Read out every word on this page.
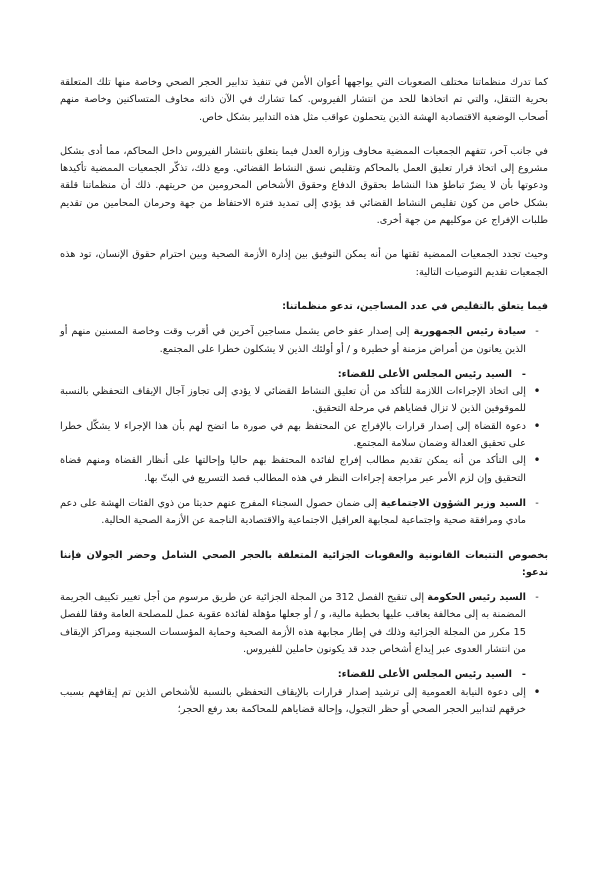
كما تدرك منظماتنا مختلف الصعوبات التي يواجهها أعوان الأمن في تنفيذ تدابير الحجر الصحي وخاصة منها تلك المتعلقة بحرية التنقل، والتي تم اتخاذها للحد من انتشار الفيروس. كما تشارك في الآن ذاته مخاوف المتساكنين وخاصة منهم أصحاب الوضعية الاقتصادية الهشة الذين يتحملون عواقب مثل هذه التدابير بشكل خاص.

في جانب آخر، تتفهم الجمعيات الممضية مخاوف وزارة العدل فيما يتعلق بانتشار الفيروس داخل المحاكم، مما أدى بشكل مشروع إلى اتخاذ قرار تعليق العمل بالمحاكم وتقليص نسق النشاط القضائي. ومع ذلك، تذكّر الجمعيات الممضية تأكيدها ودعوتها بأن لا يضرّ تباطؤ هذا النشاط بحقوق الدفاع وحقوق الأشخاص المحرومين من حريتهم. ذلك أن منظماتنا قلقة بشكل خاص من كون تقليص النشاط القضائي قد يؤدي إلى تمديد فترة الاحتفاظ من جهة وحرمان المحامين من تقديم طلبات الإفراج عن موكليهم من جهة أخرى.

وحيث تجدد الجمعيات الممضية ثقتها من أنه يمكن التوفيق بين إدارة الأزمة الصحية وبين احترام حقوق الإنسان، تود هذه الجمعيات تقديم التوصيات التالية:

فيما يتعلق بالتقليص في عدد المساجين، تدعو منظماتنا:

-
سيادة رئيس الجمهورية إلى إصدار عفو خاص يشمل مساجين آخرين في أقرب وقت وخاصة المسنين منهم أو الذين يعانون من أمراض مزمنة أو خطيرة و / أو أولئك الذين لا يشكلون خطرا على المجتمع.
-السيد رئيس المجلس الأعلى للقضاء:
•
إلى اتخاذ الإجراءات اللازمة للتأكد من أن تعليق النشاط القضائي لا يؤدي إلى تجاوز آجال الإيقاف التحفظي بالنسبة للموقوفين الذين لا تزال قضاياهم في مرحلة التحقيق.
•
دعوة القضاة إلى إصدار قرارات بالإفراج عن المحتفظ بهم في صورة ما اتضح لهم بأن هذا الإجراء لا يشكّل خطرا على تحقيق العدالة وضمان سلامة المجتمع.
•
إلى التأكد من أنه يمكن تقديم مطالب إفراج لفائدة المحتفظ بهم حاليا وإحالتها على أنظار القضاة ومنهم قضاة التحقيق وإن لزم الأمر عبر مراجعة إجراءات النظر في هذه المطالب قصد التسريع في البتّ بها.
-
السيد وزير الشؤون الاجتماعية إلى ضمان حصول السجناء المفرج عنهم حديثا من ذوي الفئات الهشة على دعم مادي ومرافقة صحية واجتماعية لمجابهة العراقيل الاجتماعية والاقتصادية الناجمة عن الأزمة الصحية الحالية.

بخصوص التتبعات القانونية والعقوبات الجزائية المتعلقة بالحجر الصحي الشامل وحضر الجولان فإننا ندعو:

-
السيد رئيس الحكومة إلى تنقيح الفصل 312 من المجلة الجزائية عن طريق مرسوم من أجل تغيير تكييف الجريمة المضمنة به إلى مخالفة يعاقب عليها بخطية مالية، و / أو جعلها مؤهلة لفائدة عقوبة عمل للمصلحة العامة وفقا للفصل 15 مكرر من المجلة الجزائية وذلك في إطار مجابهة هذه الأزمة الصحية وحماية المؤسسات السجنية ومراكز الإيقاف من انتشار العدوى عبر إيداع أشخاص جدد قد يكونون حاملين للفيروس.
-السيد رئيس المجلس الأعلى للقضاء:
•
إلى دعوة النيابة العمومية إلى ترشيد إصدار قرارات بالإيقاف التحفظي بالنسبة للأشخاص الذين تم إيقافهم بسبب خرقهم لتدابير الحجر الصحي أو حظر التجول، وإحالة قضاياهم للمحاكمة بعد رفع الحجر؛
